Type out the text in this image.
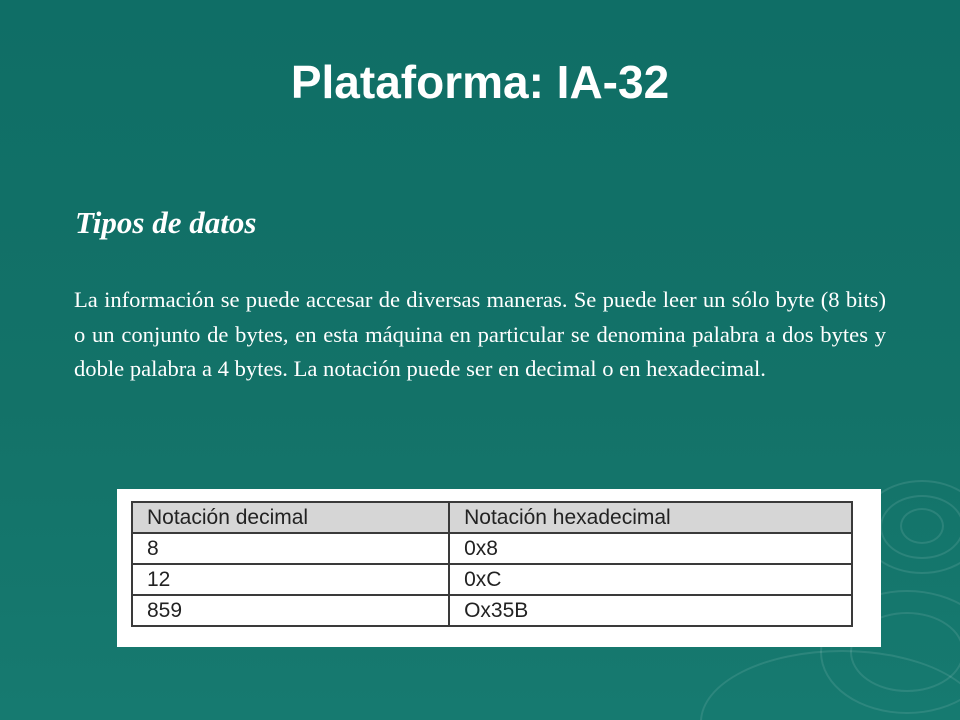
Plataforma: IA-32
Tipos de datos

La información se puede accesar de diversas maneras. Se puede leer un sólo byte (8 bits) o un conjunto de bytes, en esta máquina en particular se denomina palabra a dos bytes y doble palabra a 4 bytes. La notación puede ser en decimal o en hexadecimal.

Notación decimal	Notación hexadecimal
8	0x8
12	0xC
859	Ox35B
